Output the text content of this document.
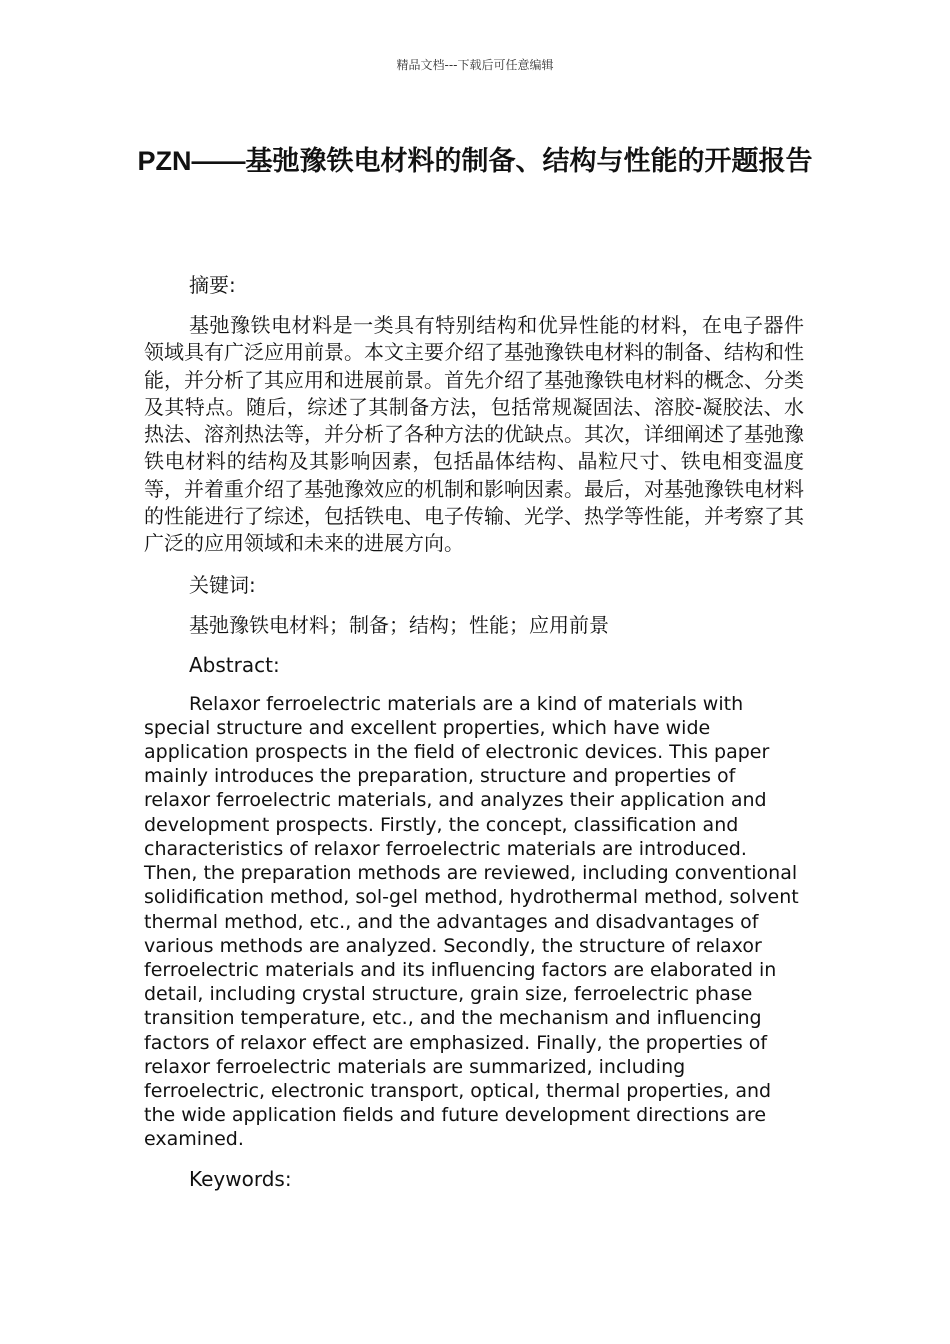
精品文档---下载后可任意编辑
PZN——基弛豫铁电材料的制备、结构与性能的开题报告

摘要:

基弛豫铁电材料是一类具有特别结构和优异性能的材料，在电子器件领域具有广泛应用前景。本文主要介绍了基弛豫铁电材料的制备、结构和性能，并分析了其应用和进展前景。首先介绍了基弛豫铁电材料的概念、分类及其特点。随后，综述了其制备方法，包括常规凝固法、溶胶-凝胶法、水热法、溶剂热法等，并分析了各种方法的优缺点。其次，详细阐述了基弛豫铁电材料的结构及其影响因素，包括晶体结构、晶粒尺寸、铁电相变温度等，并着重介绍了基弛豫效应的机制和影响因素。最后，对基弛豫铁电材料的性能进行了综述，包括铁电、电子传输、光学、热学等性能，并考察了其广泛的应用领域和未来的进展方向。

关键词:

基弛豫铁电材料；制备；结构；性能；应用前景

Abstract:

Relaxor ferroelectric materials are a kind of materials with special structure and excellent properties, which have wide application prospects in the field of electronic devices. This paper mainly introduces the preparation, structure and properties of relaxor ferroelectric materials, and analyzes their application and development prospects. Firstly, the concept, classification and characteristics of relaxor ferroelectric materials are introduced. Then, the preparation methods are reviewed, including conventional solidification method, sol-gel method, hydrothermal method, solvent thermal method, etc., and the advantages and disadvantages of various methods are analyzed. Secondly, the structure of relaxor ferroelectric materials and its influencing factors are elaborated in detail, including crystal structure, grain size, ferroelectric phase transition temperature, etc., and the mechanism and influencing factors of relaxor effect are emphasized. Finally, the properties of relaxor ferroelectric materials are summarized, including ferroelectric, electronic transport, optical, thermal properties, and the wide application fields and future development directions are examined.

Keywords:
